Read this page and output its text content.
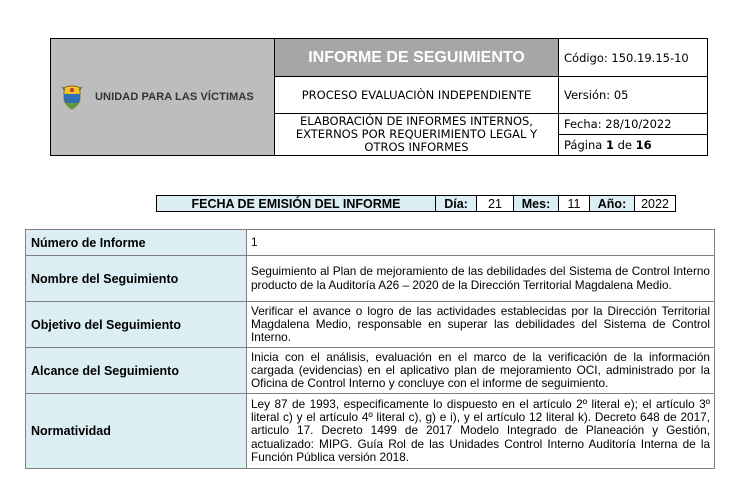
UNIDAD PARA LAS VÍCTIMAS	INFORME DE SEGUIMIENTO	Código: 150.19.15-10
	PROCESO EVALUACIÒN INDEPENDIENTE	Versión: 05
	ELABORACIÓN DE INFORMES INTERNOS, EXTERNOS POR REQUERIMIENTO LEGAL Y OTROS INFORMES	Fecha: 28/10/2022
		Página 1 de 16
FECHA DE EMISIÓN DEL INFORME	Día:	21	Mes:	11	Año:	2022
Número de Informe	1
Nombre del Seguimiento	Seguimiento al Plan de mejoramiento de las debilidades del Sistema de Control Interno producto de la Auditoría A26 – 2020 de la Dirección Territorial Magdalena Medio.
Objetivo del Seguimiento	Verificar el avance o logro de las actividades establecidas por la Dirección Territorial Magdalena Medio, responsable en superar las debilidades del Sistema de Control Interno.
Alcance del Seguimiento	Inicia con el análisis, evaluación en el marco de la verificación de la información cargada (evidencias) en el aplicativo plan de mejoramiento OCI, administrado por la Oficina de Control Interno y concluye con el informe de seguimiento.
Normatividad	Ley 87 de 1993, especificamente lo dispuesto en el artículo 2º literal e); el artículo 3º literal c) y el artículo 4º literal c), g) e i), y el artículo 12 literal k). Decreto 648 de 2017, articulo 17. Decreto 1499 de 2017 Modelo Integrado de Planeación y Gestión, actualizado: MIPG. Guía Rol de las Unidades Control Interno Auditoría Interna de la Función Pública versión 2018.
